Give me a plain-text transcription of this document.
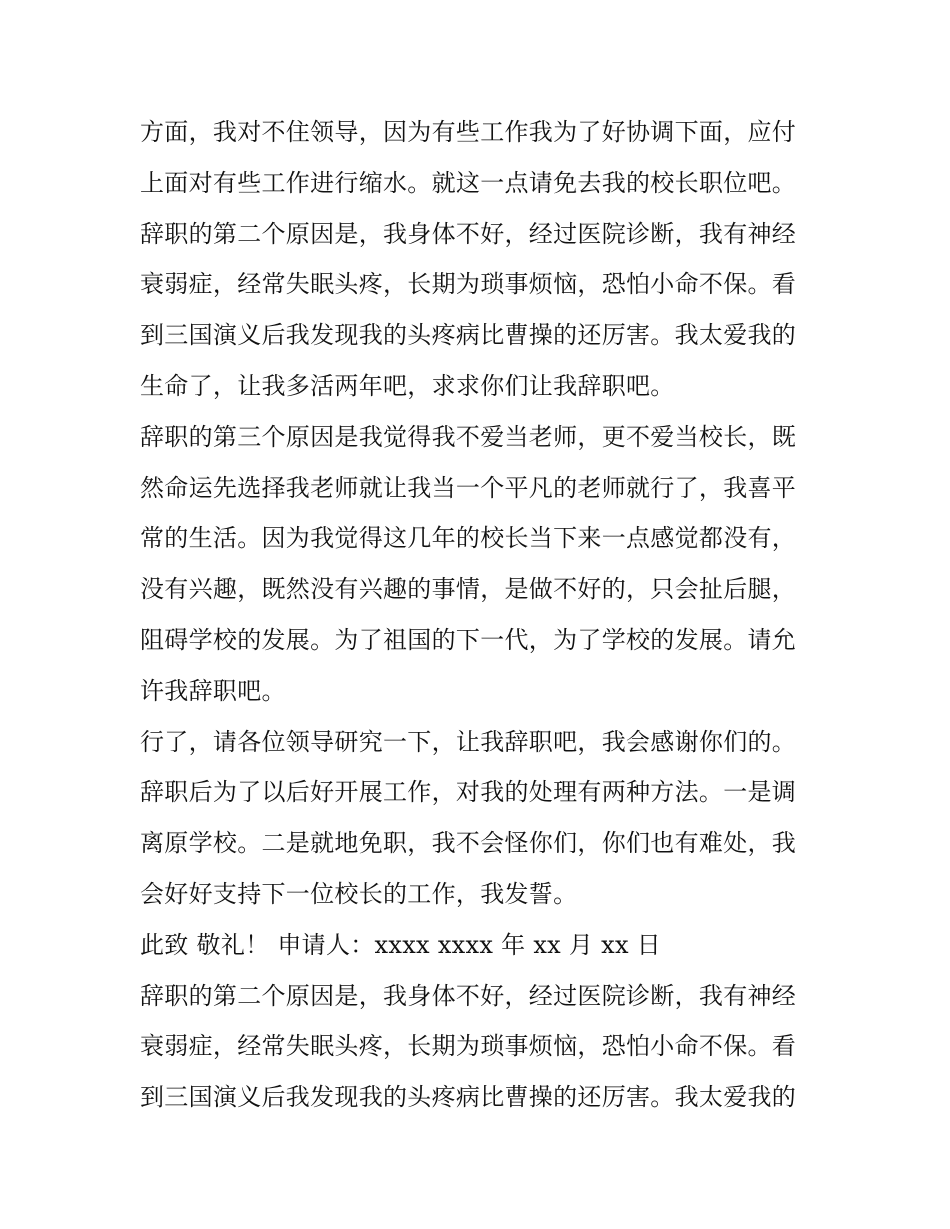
方面，我对不住领导，因为有些工作我为了好协调下面，应付
上面对有些工作进行缩水。就这一点请免去我的校长职位吧。
辞职的第二个原因是，我身体不好，经过医院诊断，我有神经
衰弱症，经常失眠头疼，长期为琐事烦恼，恐怕小命不保。看
到三国演义后我发现我的头疼病比曹操的还厉害。我太爱我的
生命了，让我多活两年吧，求求你们让我辞职吧。
辞职的第三个原因是我觉得我不爱当老师，更不爱当校长，既
然命运先选择我老师就让我当一个平凡的老师就行了，我喜平
常的生活。因为我觉得这几年的校长当下来一点感觉都没有，
没有兴趣，既然没有兴趣的事情，是做不好的，只会扯后腿，
阻碍学校的发展。为了祖国的下一代，为了学校的发展。请允
许我辞职吧。
行了，请各位领导研究一下，让我辞职吧，我会感谢你们的。
辞职后为了以后好开展工作，对我的处理有两种方法。一是调
离原学校。二是就地免职，我不会怪你们，你们也有难处，我
会好好支持下一位校长的工作，我发誓。
此致 敬礼！ 申请人：xxxx xxxx 年 xx 月 xx 日
辞职的第二个原因是，我身体不好，经过医院诊断，我有神经
衰弱症，经常失眠头疼，长期为琐事烦恼，恐怕小命不保。看
到三国演义后我发现我的头疼病比曹操的还厉害。我太爱我的
